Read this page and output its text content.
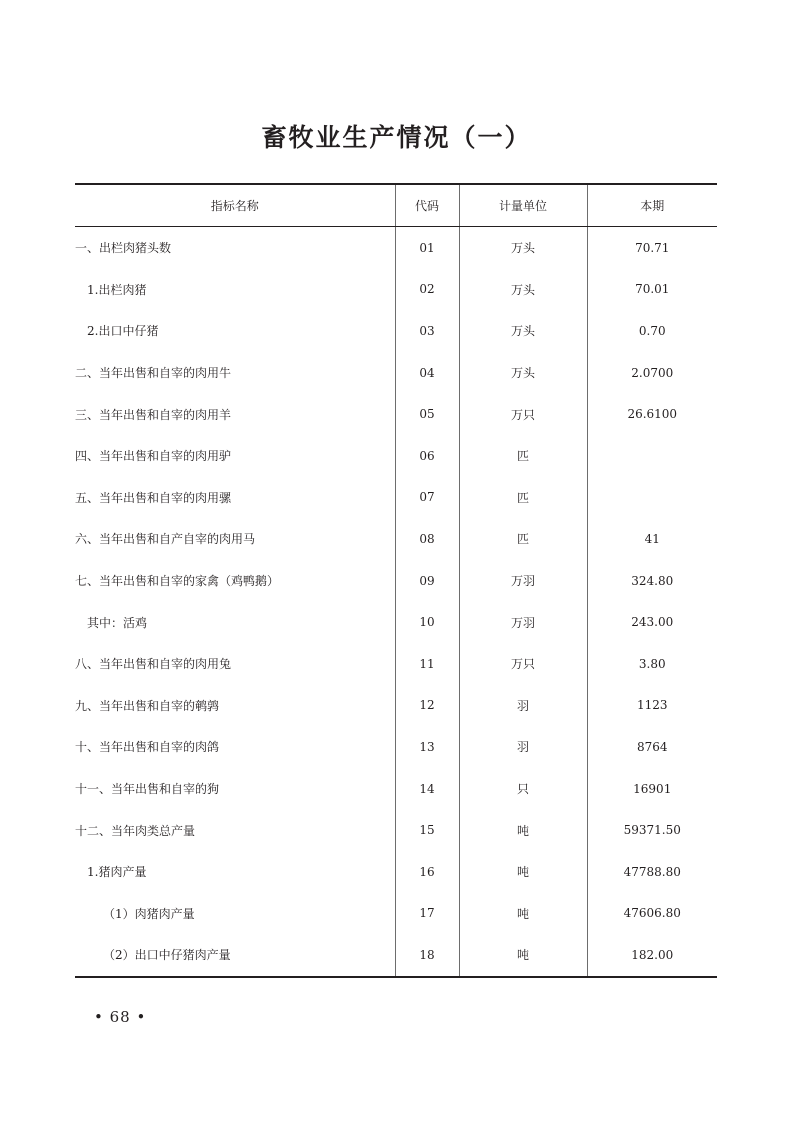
畜牧业生产情况（一）
指标名称	代码	计量单位	本期
一、出栏肉猪头数	01	万头	70.71
1.出栏肉猪	02	万头	70.01
2.出口中仔猪	03	万头	0.70
二、当年出售和自宰的肉用牛	04	万头	2.0700
三、当年出售和自宰的肉用羊	05	万只	26.6100
四、当年出售和自宰的肉用驴	06	匹	
五、当年出售和自宰的肉用骡	07	匹	
六、当年出售和自产自宰的肉用马	08	匹	41
七、当年出售和自宰的家禽（鸡鸭鹅）	09	万羽	324.80
其中：活鸡	10	万羽	243.00
八、当年出售和自宰的肉用兔	11	万只	3.80
九、当年出售和自宰的鹌鹑	12	羽	1123
十、当年出售和自宰的肉鸽	13	羽	8764
十一、当年出售和自宰的狗	14	只	16901
十二、当年肉类总产量	15	吨	59371.50
1.猪肉产量	16	吨	47788.80
（1）肉猪肉产量	17	吨	47606.80
（2）出口中仔猪肉产量	18	吨	182.00
• 68 •
